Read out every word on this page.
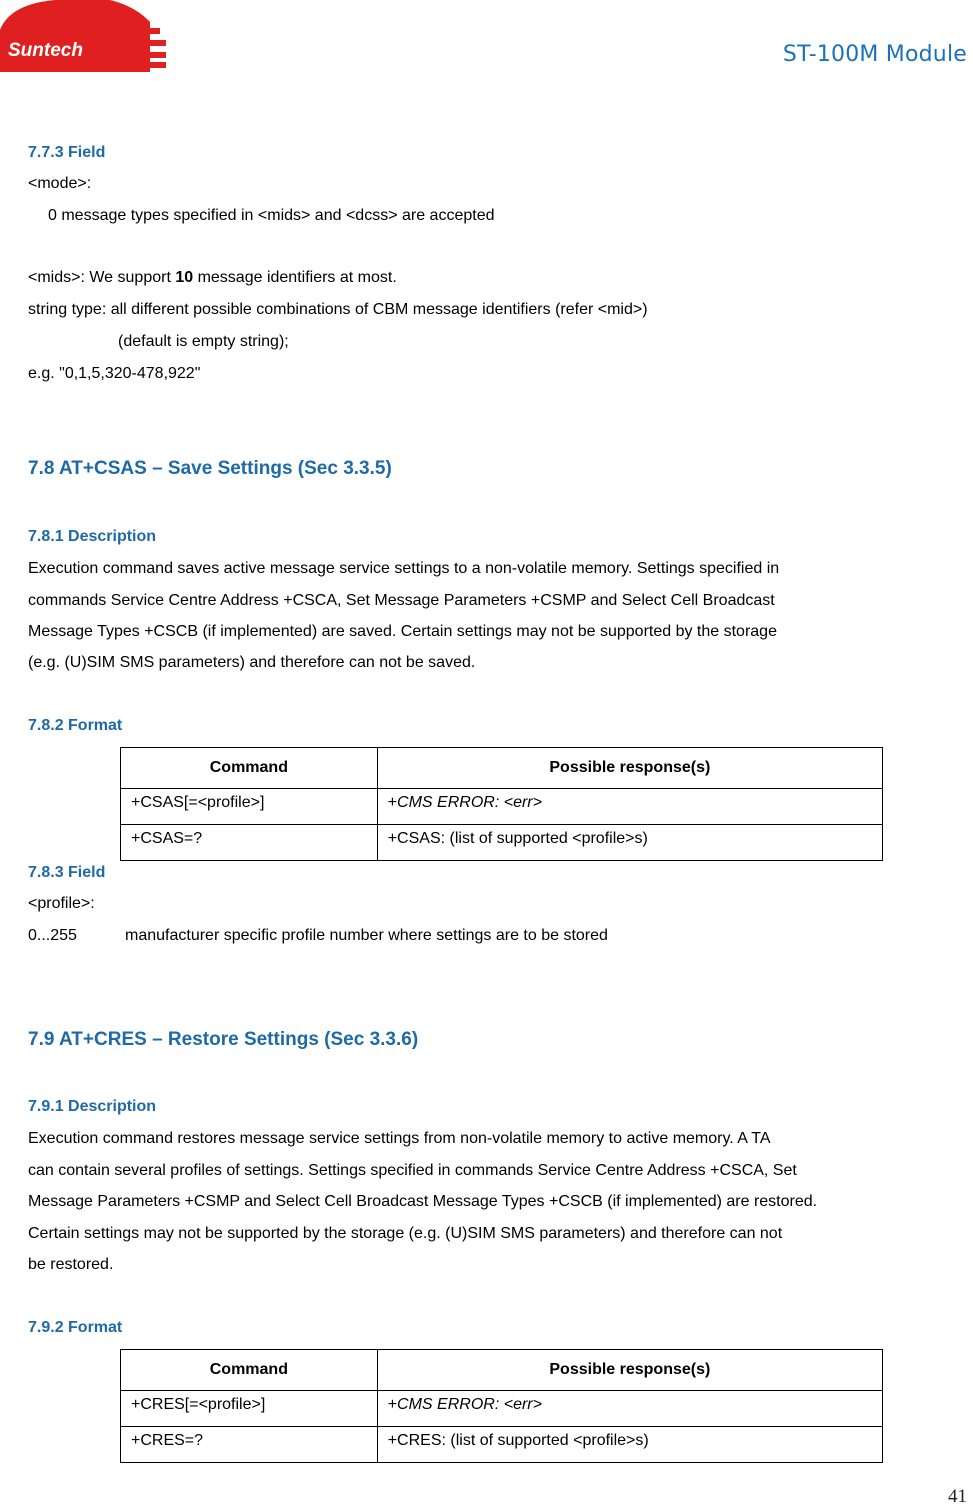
Suntech	ST-100M Module
7.7.3 Field
<mode>:
0 message types specified in <mids> and <dcss> are accepted
<mids>: We support 10 message identifiers at most.
string type: all different possible combinations of CBM message identifiers (refer <mid>)
(default is empty string);
e.g. "0,1,5,320-478,922"
7.8 AT+CSAS – Save Settings (Sec 3.3.5)
7.8.1 Description
Execution command saves active message service settings to a non-volatile memory. Settings specified in
commands Service Centre Address +CSCA, Set Message Parameters +CSMP and Select Cell Broadcast
Message Types +CSCB (if implemented) are saved. Certain settings may not be supported by the storage
(e.g. (U)SIM SMS parameters) and therefore can not be saved.
7.8.2 Format
Command	Possible response(s)
+CSAS[=<profile>]	+CMS ERROR: <err>
+CSAS=?	+CSAS: (list of supported <profile>s)
7.8.3 Field
<profile>:
0...255	manufacturer specific profile number where settings are to be stored
7.9 AT+CRES – Restore Settings (Sec 3.3.6)
7.9.1 Description
Execution command restores message service settings from non-volatile memory to active memory. A TA
can contain several profiles of settings. Settings specified in commands Service Centre Address +CSCA, Set
Message Parameters +CSMP and Select Cell Broadcast Message Types +CSCB (if implemented) are restored.
Certain settings may not be supported by the storage (e.g. (U)SIM SMS parameters) and therefore can not
be restored.
7.9.2 Format
Command	Possible response(s)
+CRES[=<profile>]	+CMS ERROR: <err>
+CRES=?	+CRES: (list of supported <profile>s)
41
